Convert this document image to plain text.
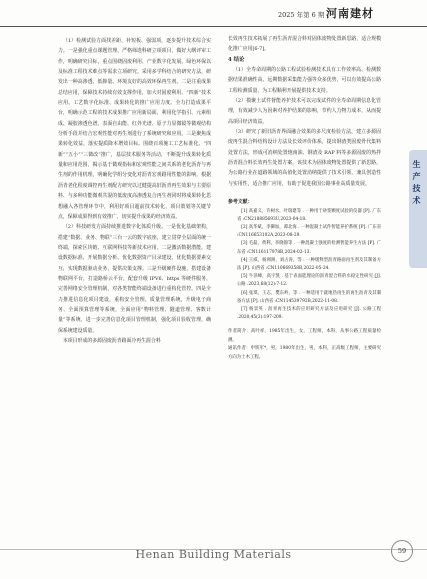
2025 年第 6 期 河南建材

（1）检测试验方面找差距、补短板、强弱项，逐步提升技术综合实力。一是强化重点课题管理，严格筛选科研立项项目，做好大纲评审工作，明确研究目标，重点围绕固废利用、产业数字化发展、绿色环保以及标准工程技术难点等需求立项研究。采用多学科结合的研究方法，研发出一种高渗透、低掺量、环境友好的高效环保再生剂。二是注重成果总结应用，保障技术持续有效支撑作用，加大对固废利用、“四新”技术应用、工艺数字化标准、成果转化的推广应用力度。全力打造成果平台，明确示范工程的技术成果推广应用新局面，利用化学指引、元素组成、凝胶渗透色谱、表面自由能、红外光谱、原子力显微镜等微观结构分析手段并结合宏观性能对再生剂进行了系统研究和应用。三是聚焦成果转化效益，落实提质降本增效目标。围绕百项施工工艺标准化、“四新”“五小”“三微改”推广，基层技术服务等活动，不断提升成果转化质量和应用范围，揭示基于微观指标和宏观性能之间关系的老化沥青与再生剂的作用机理，明确化学组分变化对沥青宏观路用性能的影响，根据沥青老化程度调控再生剂配方研究以过健提高旧沥青再生效果与主要原料、与多种功能微观共混的低废度高渗透复合再生剂同时将成果转化思想融入各管理环节中，利用好项目超前技术转化，项目策划等关键节点，保障成果得到有效推广，切实提升成果的经济效益。

（2）科技研发方面持续推进数字化体质升级。一是优化基础架构，搭建“数据、业务、物联”三台一云的数字底座，建立贯穿全层面的统一终端，探索区块链、互联网科技等新技术应用。二是激活数据潜能，建设数据标准、开展数据分析、优化数据资产目录建设，优化数据要素交互，实现数据驱动业务，提供决策支撑。三是升级硬件设施，搭建设备物联网平台，打造路桥云平台，配套升级 IPV6、https 等硬件服务，完善网络安全管理机制，对各类智能终端设备进行重构化管控。四是全力推进信息化项目建设，重构安全管理、质量管理系统，升级电子商务、全面预算管理等系统，全面应用“物料管理、隧道管理、客数计量”等系统，进一步完善信息化项目管理机制，强化项目验收管理，确保系统建设质量。

本项目形成的多源固废沥青路面冷再生混合料

长效再生技术拓展了再生沥青混合料对固体废物处置新思路，适合规模化推广应用[6-7]。

4 结论

（1）全寿命周期的公路工程试验检测技术具有工作效率高、检测数据结果准确性高、远期数据采集能力强等众多优势，可以有效提高公路工程检测质量，为工程顺利开展提供技术支持。

（2）摸聚土试件督能养护技术可以完成试件的全寿命周期信息化管理，有效减少人为因素对养护结果的影响，节约人力物力成本，从而提高项目经济效益。

（3）研究了新旧沥青界面融合效果的多尺度检验方法，建立多源固废再生混合料结构设计方法及长效评价体系，提出钢渣类固废骨代集料处置方法，形成可消纳处置炮南油、钢渣及 RAP 料等多源固废的热拌沥青混合料长效再生处置方案，该技术为固体废物处置提供了新思路，为公路行业在道路领域的高值化处置消纳提供了技术引领，兼具创造性与实用性，适合推广应用，有助于促进我国公路事业高质量发展。

参考文献：

[1] 高嘉义，许树水，叶瑞建等 . 一种用于砂浆颗度试验的仪器 [P]. 广东省 :CN218885693U,2023-04-18.

[2] 高华斌，李御加，谭北海 . 一种混凝土试件智能养护系统 [P]. 广东省 :CN116653102A,2023-08-29.

[3] 毛磊，黄利，李晓锦等 . 一种混凝土强度的检测智能养生方法 [P]. 广东省 :CN116117978B,2024-02-13.

[4] 王威，杨洲洲，刘占涛，等 . 一种缓释型沥青路面再生剂及其制备方法 [P]. 山西省 :CN110669358B,2022-05-24.

[5] 牛泽峰，高宇凯 . 基于表面能理论的沥青混合料的水稳定性研究 [J]. 公路 .2023,68(12):7-12.

[6] 张琪，王志，樊东岭，等 . 一种适用于就地热再生的再生沥青及其制备方法 [P]. 山西省 :CN114539792B,2022-11-08.

[7] 杨景英 . 沥青再生技术的应用研究方法及应用研究 [J]. 公路工程 .2020,45(3):197-209.

作者简介：高叶祥，1985年出生，女，工程师，本科，从事公路工程质量检测。

通讯作者：申铁军*，男，1980年出生，男，本科，正高级工程师，主要研究方向为土木工程。

生产技术
Henan Building Materials	59
